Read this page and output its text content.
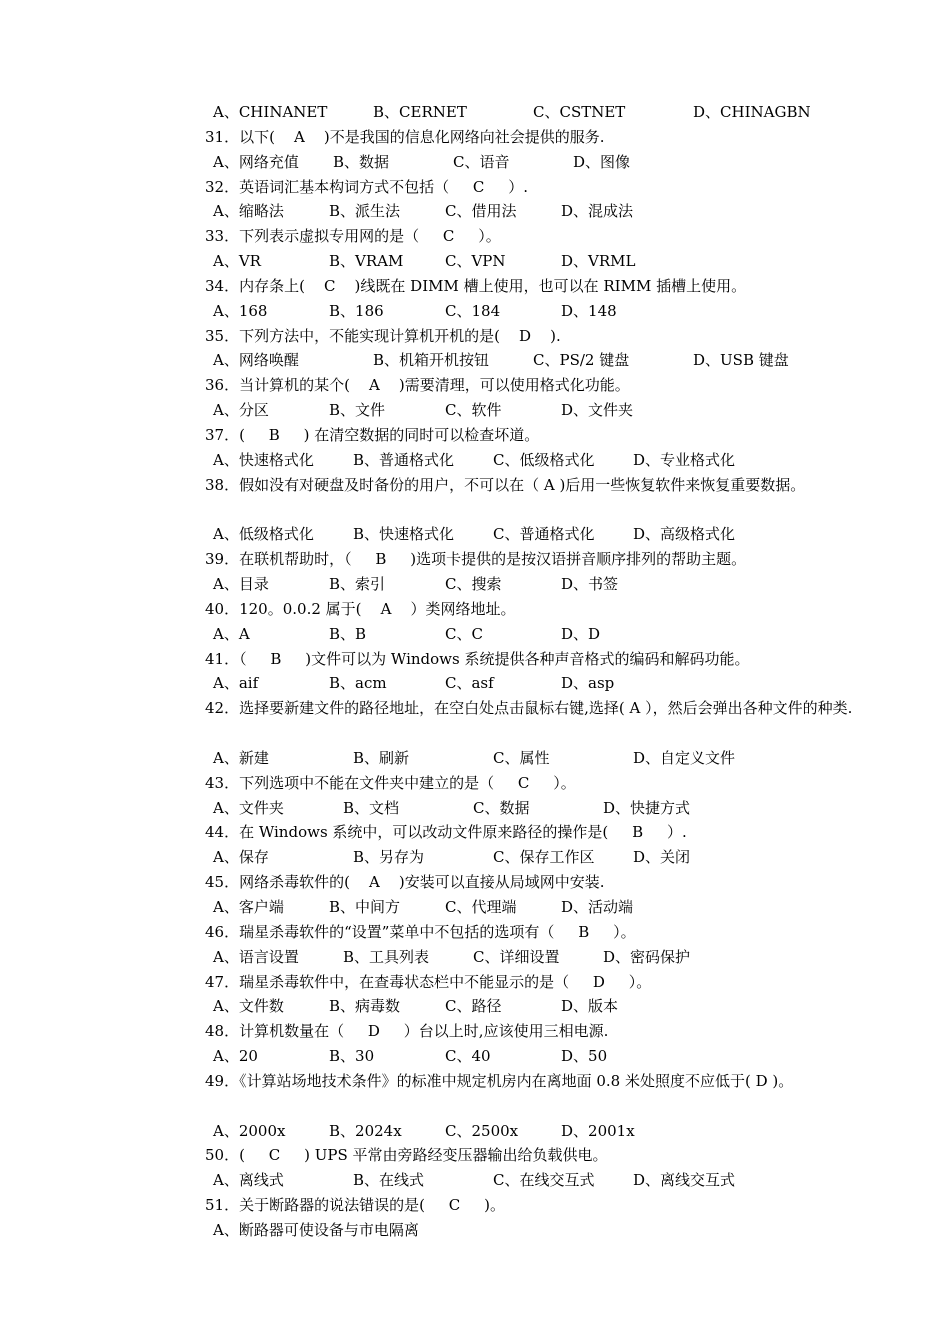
A、CHINANET	B、CERNET	C、CSTNET	D、CHINAGBN
31．以下(    A    )不是我国的信息化网络向社会提供的服务.
A、网络充值	B、数据	C、语音	D、图像
32．英语词汇基本构词方式不包括（     C     ）.
A、缩略法	B、派生法	C、借用法	D、混成法
33．下列表示虚拟专用网的是（     C     ）。
A、VR	B、VRAM	C、VPN	D、VRML
34．内存条上(    C    )线既在 DIMM 槽上使用，也可以在 RIMM 插槽上使用。
A、168	B、186	C、184	D、148
35．下列方法中，不能实现计算机开机的是(    D    ).
A、网络唤醒	B、机箱开机按钮	C、PS/2 键盘	D、USB 键盘
36．当计算机的某个(    A    )需要清理，可以使用格式化功能。
A、分区	B、文件	C、软件	D、文件夹
37．(     B     ) 在清空数据的同时可以检查坏道。
A、快速格式化	B、普通格式化	C、低级格式化	D、专业格式化
38．假如没有对硬盘及时备份的用户，不可以在（ A )后用一些恢复软件来恢复重要数据。
A、低级格式化	B、快速格式化	C、普通格式化	D、高级格式化
39．在联机帮助时，（     B     )选项卡提供的是按汉语拼音顺序排列的帮助主题。
A、目录	B、索引	C、搜索	D、书签
40．120。0.0.2 属于(    A    ）类网络地址。
A、A	B、B	C、C	D、D
41．（     B     )文件可以为 Windows 系统提供各种声音格式的编码和解码功能。
A、aif	B、acm	C、asf	D、asp
42．选择要新建文件的路径地址，在空白处点击鼠标右键,选择( A ），然后会弹出各种文件的种类.
A、新建	B、刷新	C、属性	D、自定义文件
43．下列选项中不能在文件夹中建立的是（     C     ）。
A、文件夹	B、文档	C、数据	D、快捷方式
44．在 Windows 系统中，可以改动文件原来路径的操作是(     B     ）.
A、保存	B、另存为	C、保存工作区	D、关闭
45．网络杀毒软件的(    A    )安装可以直接从局域网中安装.
A、客户端	B、中间方	C、代理端	D、活动端
46．瑞星杀毒软件的“设置”菜单中不包括的选项有（     B     ）。
A、语言设置	B、工具列表	C、详细设置	D、密码保护
47．瑞星杀毒软件中，在查毒状态栏中不能显示的是（     D     ）。
A、文件数	B、病毒数	C、路径	D、版本
48．计算机数量在（     D     ）台以上时,应该使用三相电源.
A、20	B、30	C、40	D、50
49．《计算站场地技术条件》的标准中规定机房内在离地面 0.8 米处照度不应低于( D )。
A、2000x	B、2024x	C、2500x	D、2001x
50．(     C     ) UPS 平常由旁路经变压器输出给负载供电。
A、离线式	B、在线式	C、在线交互式	D、离线交互式
51．关于断路器的说法错误的是(     C     )。
A、断路器可使设备与市电隔离
